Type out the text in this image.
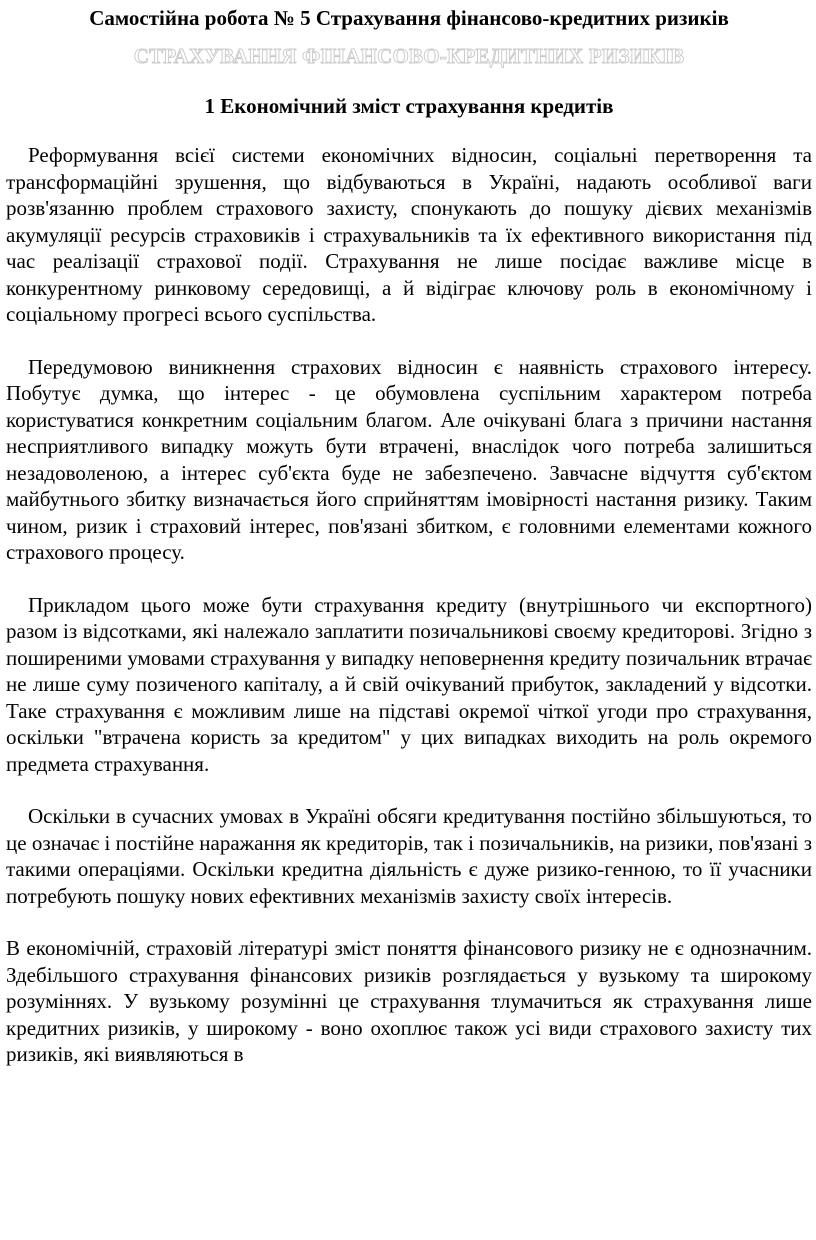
Самостійна робота № 5 Страхування фінансово-кредитних ризиків
СТРАХУВАННЯ ФІНАНСОВО-КРЕДИТНИХ РИЗИКІВ
1 Економічний зміст страхування кредитів

Реформування всієї системи економічних відносин, соціальні перетворення та трансформаційні зрушення, що відбуваються в Україні, надають особливої ваги розв'язанню проблем страхового захисту, спонукають до пошуку дієвих механізмів акумуляції ресурсів страховиків і страхувальників та їх ефективного використання під час реалізації страхової події. Страхування не лише посідає важливе місце в конкурентному ринковому середовищі, а й відіграє ключову роль в економічному і соціальному прогресі всього суспільства.

Передумовою виникнення страхових відносин є наявність страхового інтересу. Побутує думка, що інтерес - це обумовлена суспільним характером потреба користуватися конкретним соціальним благом. Але очікувані блага з причини настання несприятливого випадку можуть бути втрачені, внаслідок чого потреба залишиться незадоволеною, а інтерес суб'єкта буде не забезпечено. Завчасне відчуття суб'єктом майбутнього збитку визначається його сприйняттям імовірності настання ризику. Таким чином, ризик і страховий інтерес, пов'язані збитком, є головними елементами кожного страхового процесу.

Прикладом цього може бути страхування кредиту (внутрішнього чи експортного) разом із відсотками, які належало заплатити позичальникові своєму кредиторові. Згідно з поширеними умовами страхування у випадку неповернення кредиту позичальник втрачає не лише суму позиченого капіталу, а й свій очікуваний прибуток, закладений у відсотки. Таке страхування є можливим лише на підставі окремої чіткої угоди про страхування, оскільки "втрачена користь за кредитом" у цих випадках виходить на роль окремого предмета страхування.

Оскільки в сучасних умовах в Україні обсяги кредитування постійно збільшуються, то це означає і постійне наражання як кредиторів, так і позичальників, на ризики, пов'язані з такими операціями. Оскільки кредитна діяльність є дуже ризико-генною, то її учасники потребують пошуку нових ефективних механізмів захисту своїх інтересів.

В економічній, страховій літературі зміст поняття фінансового ризику не є однозначним. Здебільшого страхування фінансових ризиків розглядається у вузькому та широкому розуміннях. У вузькому розумінні це страхування тлумачиться як страхування лише кредитних ризиків, у широкому - воно охоплює також усі види страхового захисту тих ризиків, які виявляються в
